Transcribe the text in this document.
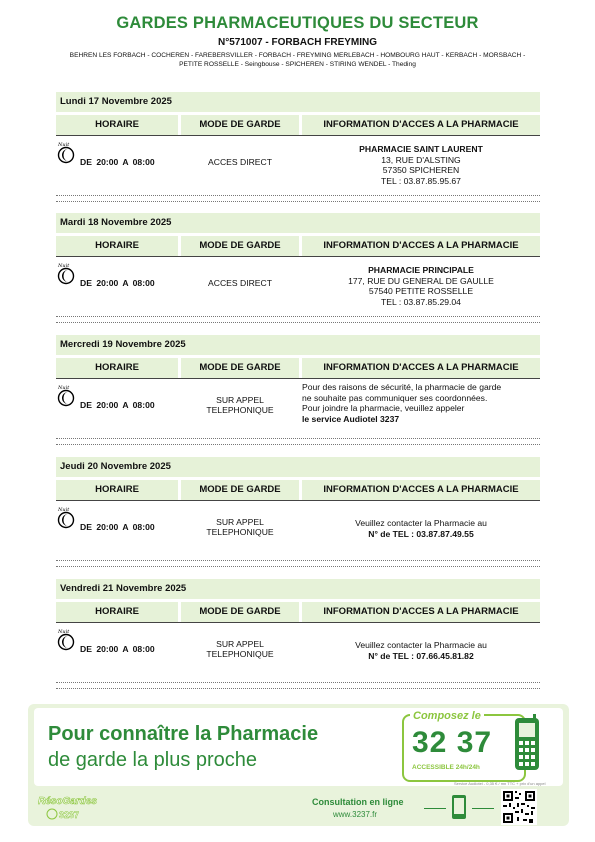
GARDES PHARMACEUTIQUES DU SECTEUR
N°571007 - FORBACH FREYMING
BEHREN LES FORBACH - COCHEREN - FAREBERSVILLER - FORBACH - FREYMING MERLEBACH - HOMBOURG HAUT - KERBACH - MORSBACH -
PETITE ROSSELLE - Seingbouse - SPICHEREN - STIRING WENDEL - Theding
Lundi 17 Novembre 2025
HORAIRE	MODE DE GARDE	INFORMATION D'ACCES A LA PHARMACIE
Nuit
DE 20:00 A 08:00	ACCES DIRECT
PHARMACIE SAINT LAURENT
13, RUE D'ALSTING
57350 SPICHEREN
TEL : 03.87.85.95.67
Mardi 18 Novembre 2025
HORAIRE	MODE DE GARDE	INFORMATION D'ACCES A LA PHARMACIE
Nuit
DE 20:00 A 08:00	ACCES DIRECT
PHARMACIE PRINCIPALE
177, RUE DU GENERAL DE GAULLE
57540 PETITE ROSSELLE
TEL : 03.87.85.29.04
Mercredi 19 Novembre 2025
HORAIRE	MODE DE GARDE	INFORMATION D'ACCES A LA PHARMACIE
Nuit
DE 20:00 A 08:00	SUR APPEL
TELEPHONIQUE
Pour des raisons de sécurité, la pharmacie de garde
ne souhaite pas communiquer ses coordonnées.
Pour joindre la pharmacie, veuillez appeler
le service Audiotel 3237
Jeudi 20 Novembre 2025
HORAIRE	MODE DE GARDE	INFORMATION D'ACCES A LA PHARMACIE
Nuit
DE 20:00 A 08:00	SUR APPEL
TELEPHONIQUE
Veuillez contacter la Pharmacie au
N° de TEL : 03.87.87.49.55
Vendredi 21 Novembre 2025
HORAIRE	MODE DE GARDE	INFORMATION D'ACCES A LA PHARMACIE
Nuit
DE 20:00 A 08:00	SUR APPEL
TELEPHONIQUE
Veuillez contacter la Pharmacie au
N° de TEL : 07.66.45.81.82
Pour connaître la Pharmacie
de garde la plus proche
Composez le
32 37
ACCESSIBLE 24h/24h
Service Audiotel - 0,35 € / mn TTC + prix d'un appel
RésoGardes
3237
Consultation en ligne
www.3237.fr
